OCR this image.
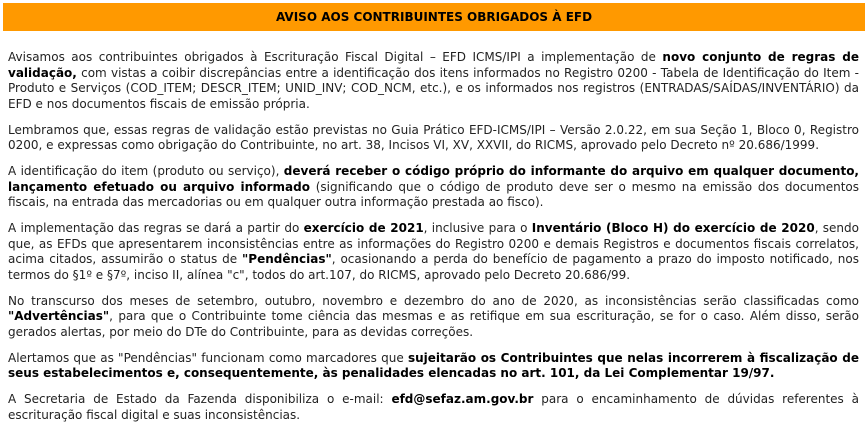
AVISO AOS CONTRIBUINTES OBRIGADOS À EFD

Avisamos aos contribuintes obrigados à Escrituração Fiscal Digital – EFD ICMS/IPI a implementação de novo conjunto de regras de validação, com vistas a coibir discrepâncias entre a identificação dos itens informados no Registro 0200 - Tabela de Identificação do Item - Produto e Serviços (COD_ITEM; DESCR_ITEM; UNID_INV; COD_NCM, etc.), e os informados nos registros (ENTRADAS/SAÍDAS/INVENTÁRIO) da EFD e nos documentos fiscais de emissão própria.

Lembramos que, essas regras de validação estão previstas no Guia Prático EFD-ICMS/IPI – Versão 2.0.22, em sua Seção 1, Bloco 0, Registro 0200, e expressas como obrigação do Contribuinte, no art. 38, Incisos VI, XV, XXVII, do RICMS, aprovado pelo Decreto nº 20.686/1999.

A identificação do item (produto ou serviço), deverá receber o código próprio do informante do arquivo em qualquer documento, lançamento efetuado ou arquivo informado (significando que o código de produto deve ser o mesmo na emissão dos documentos fiscais, na entrada das mercadorias ou em qualquer outra informação prestada ao fisco).

A implementação das regras se dará a partir do exercício de 2021, inclusive para o Inventário (Bloco H) do exercício de 2020, sendo que, as EFDs que apresentarem inconsistências entre as informações do Registro 0200 e demais Registros e documentos fiscais correlatos, acima citados, assumirão o status de "Pendências", ocasionando a perda do benefício de pagamento a prazo do imposto notificado, nos termos do §1º e §7º, inciso II, alínea "c", todos do art.107, do RICMS, aprovado pelo Decreto 20.686/99.

No transcurso dos meses de setembro, outubro, novembro e dezembro do ano de 2020, as inconsistências serão classificadas como "Advertências", para que o Contribuinte tome ciência das mesmas e as retifique em sua escrituração, se for o caso. Além disso, serão gerados alertas, por meio do DTe do Contribuinte, para as devidas correções.

Alertamos que as "Pendências" funcionam como marcadores que sujeitarão os Contribuintes que nelas incorrerem à fiscalização de seus estabelecimentos e, consequentemente, às penalidades elencadas no art. 101, da Lei Complementar 19/97.

A Secretaria de Estado da Fazenda disponibiliza o e-mail: efd@sefaz.am.gov.br para o encaminhamento de dúvidas referentes à escrituração fiscal digital e suas inconsistências.
